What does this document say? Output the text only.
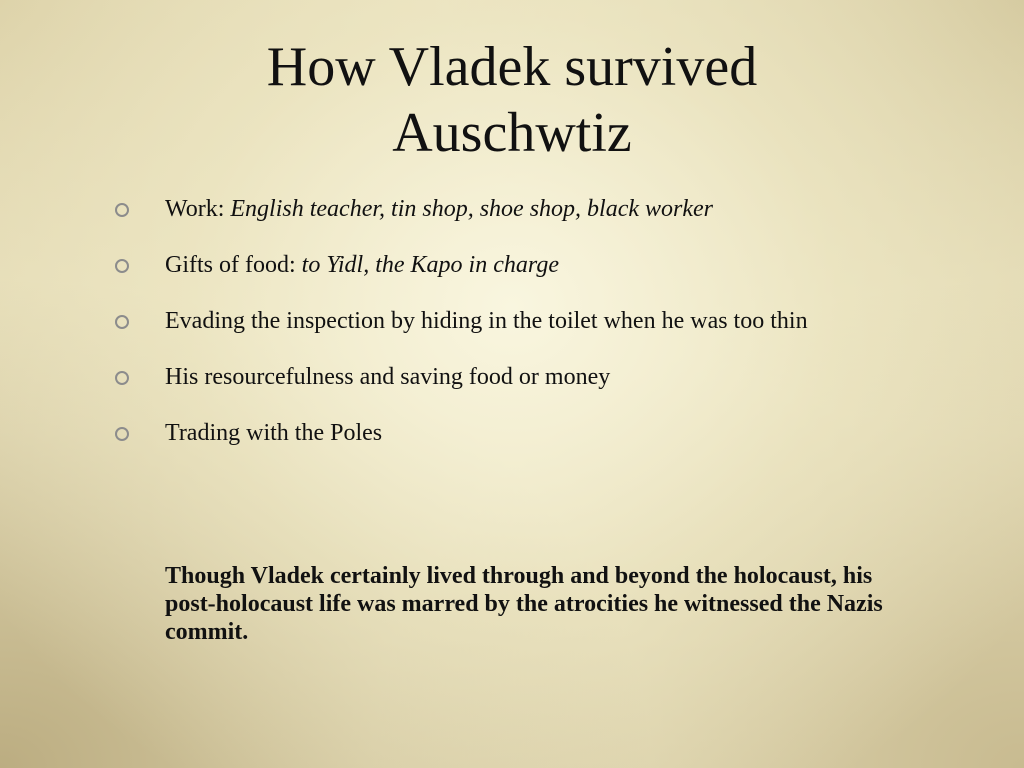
How Vladek survived
Auschwtiz
Work: English teacher, tin shop, shoe shop, black worker
Gifts of food: to Yidl, the Kapo in charge
Evading the inspection by hiding in the toilet when he was too thin
His resourcefulness and saving food or money
Trading with the Poles

Though Vladek certainly lived through and beyond the holocaust, his post-holocaust life was marred by the atrocities he witnessed the Nazis commit.
